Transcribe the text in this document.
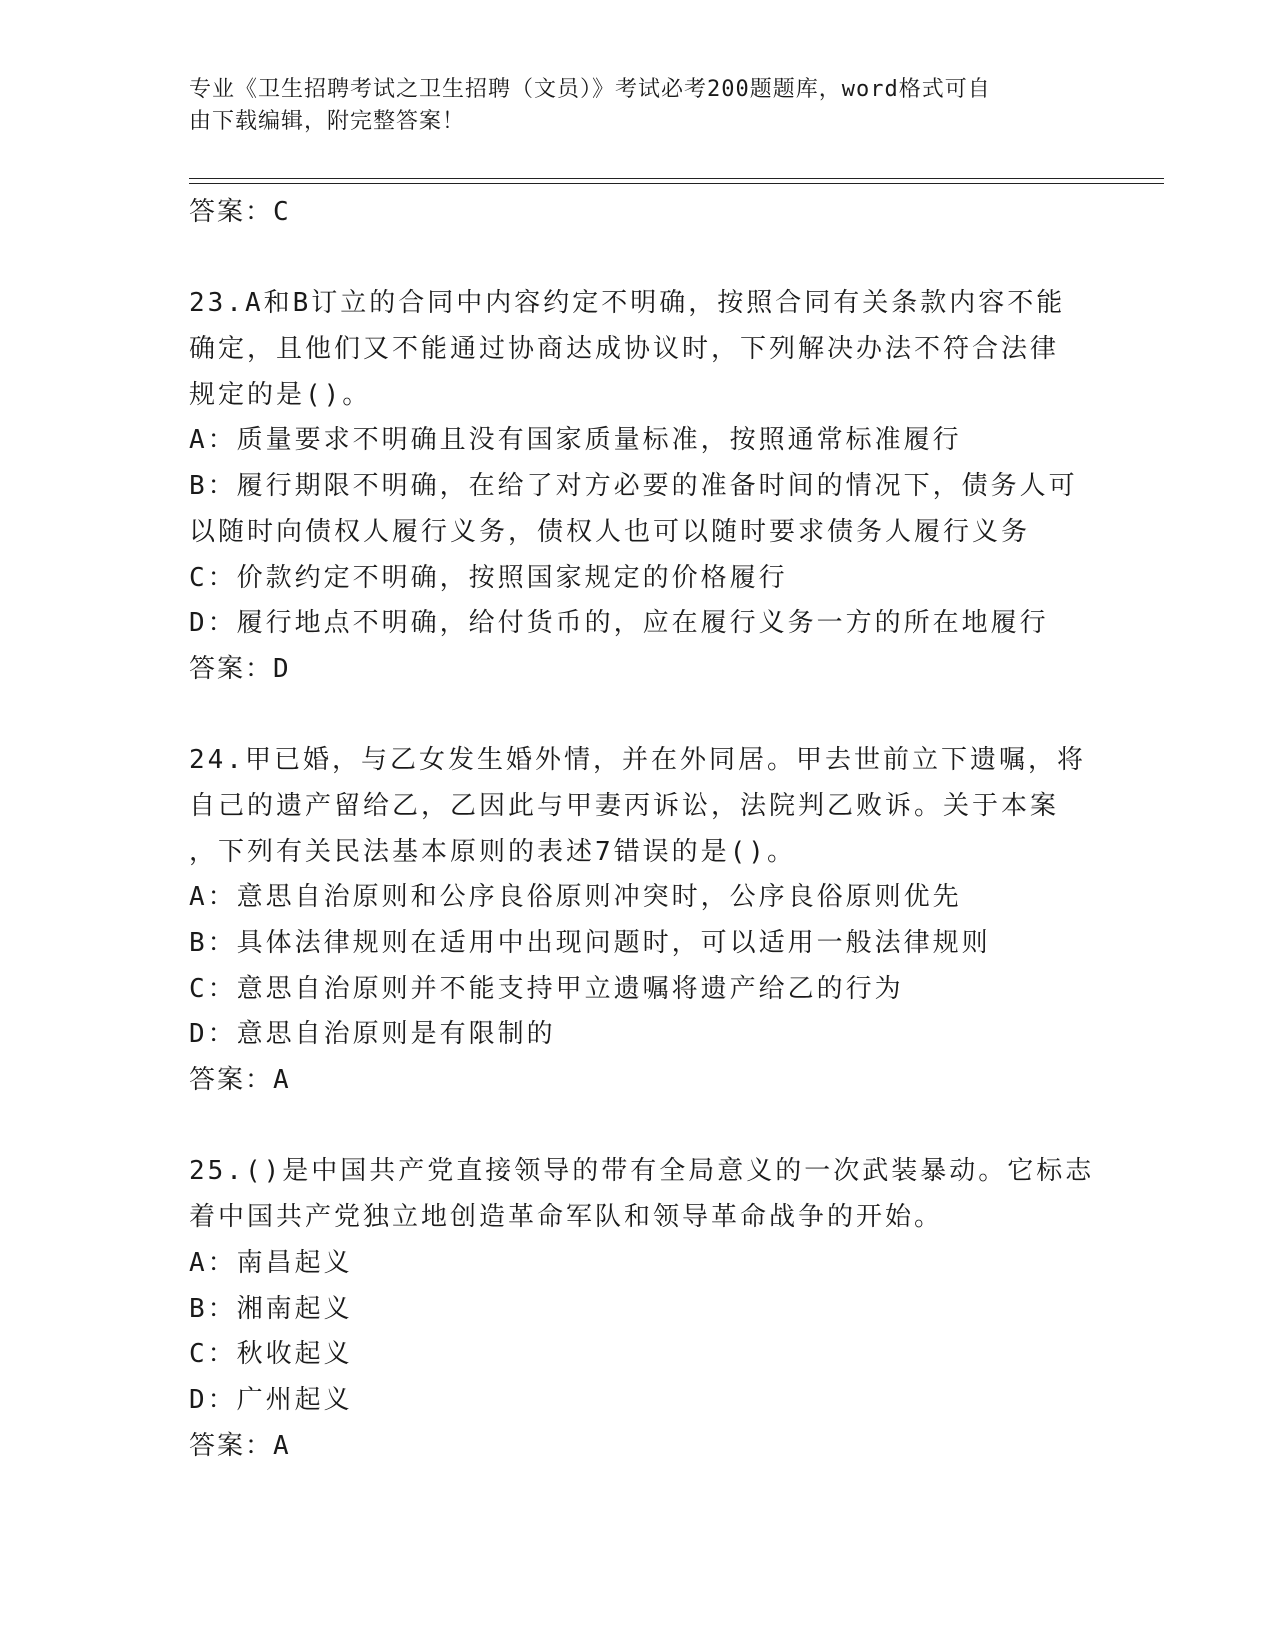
专业《卫生招聘考试之卫生招聘（文员）》考试必考200题题库，word格式可自
由下载编辑，附完整答案！
答案：C
23.A和B订立的合同中内容约定不明确，按照合同有关条款内容不能
确定，且他们又不能通过协商达成协议时，下列解决办法不符合法律
规定的是()。
A：质量要求不明确且没有国家质量标准，按照通常标准履行
B：履行期限不明确，在给了对方必要的准备时间的情况下，债务人可
以随时向债权人履行义务，债权人也可以随时要求债务人履行义务
C：价款约定不明确，按照国家规定的价格履行
D：履行地点不明确，给付货币的，应在履行义务一方的所在地履行
答案：D
24.甲已婚，与乙女发生婚外情，并在外同居。甲去世前立下遗嘱，将
自己的遗产留给乙，乙因此与甲妻丙诉讼，法院判乙败诉。关于本案
，下列有关民法基本原则的表述7错误的是()。
A：意思自治原则和公序良俗原则冲突时，公序良俗原则优先
B：具体法律规则在适用中出现问题时，可以适用一般法律规则
C：意思自治原则并不能支持甲立遗嘱将遗产给乙的行为
D：意思自治原则是有限制的
答案：A
25.()是中国共产党直接领导的带有全局意义的一次武装暴动。它标志
着中国共产党独立地创造革命军队和领导革命战争的开始。
A：南昌起义
B：湘南起义
C：秋收起义
D：广州起义
答案：A
